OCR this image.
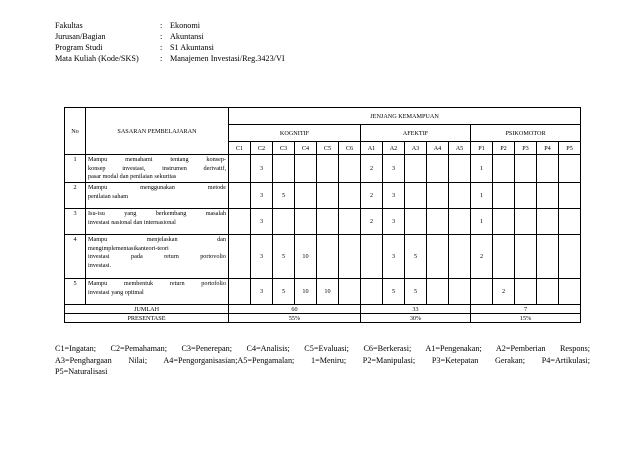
Fakultas	: Ekonomi
Jurusan/Bagian	: Akuntansi
Program Studi	: S1 Akuntansi
Mata Kuliah (Kode/SKS)	: Manajemen Investasi/Reg.3423/VI
No	SASARAN PEMBELAJARAN	JENJANG KEMAMPUAN															
		KOGNITIF						AFEKTIF					PSIKOMOTOR				
		C1	C2	C3	C4	C5	C6	A1	A2	A3	A4	A5	P1	P2	P3	P4	P5
1	Mampu memahami tentang konsep-
konsep investasi, instrumen derivatif,
pasar modal dan penilaian sekuritas		3					2	3				1				
2	Mampu menggunakan metode
penilaian saham		3	5				2	3				1				
3	Isu-isu yang berkembang masalah
investasi nasional dan internasional		3					2	3				1				
4	Mampu menjelaskan dan
mengimplementasikanteori-teori
investasi pada return portovolio
investasi.		3	5	10				3	5			2				
5	Mampu membentuk return portofolio
investasi yang optimal		3	5	10	10			5	5				2			
JUMLAH		60						33					7				
PRESENTASE		55%						30%					15%				
C1=Ingatan; C2=Pemahaman; C3=Penerepan; C4=Analisis; C5=Evaluasi; C6=Berkerasi; A1=Pengenakan; A2=Pemberian Respons;
A3=Penghargaan Nilai; A4=Pengorganisasian;A5=Pengamalan; 1=Meniru; P2=Manipulasi; P3=Ketepatan Gerakan; P4=Artikulasi;
P5=Naturalisasi
